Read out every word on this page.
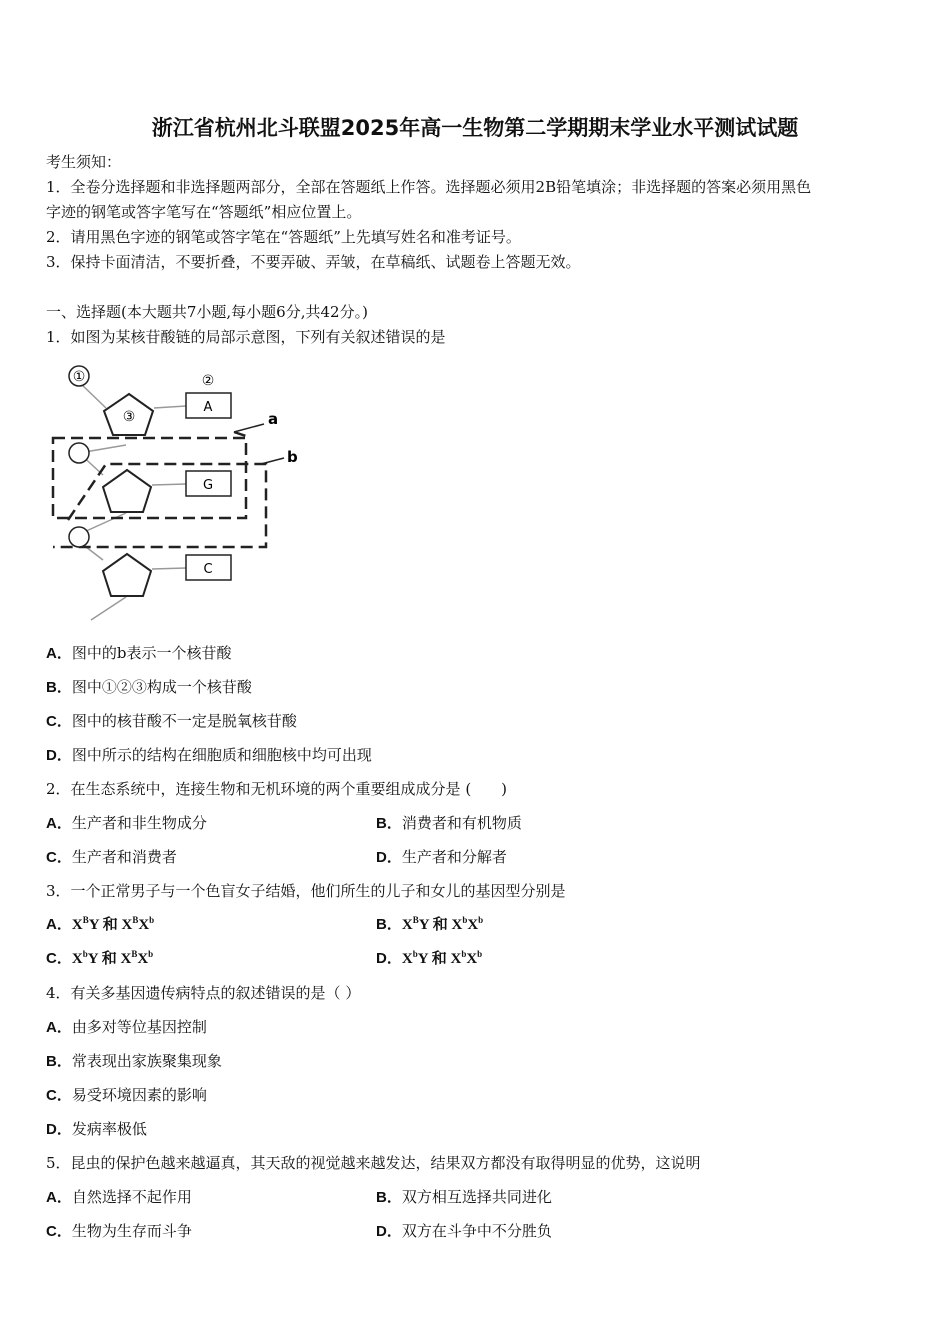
浙江省杭州北斗联盟2025年高一生物第二学期期末学业水平测试试题
考生须知：
1．全卷分选择题和非选择题两部分，全部在答题纸上作答。选择题必须用2B铅笔填涂；非选择题的答案必须用黑色
字迹的钢笔或答字笔写在“答题纸”相应位置上。
2．请用黑色字迹的钢笔或答字笔在“答题纸”上先填写姓名和准考证号。
3．保持卡面清洁，不要折叠，不要弄破、弄皱，在草稿纸、试题卷上答题无效。
一、选择题(本大题共7小题,每小题6分,共42分。)
1．如图为某核苷酸链的局部示意图，下列有关叙述错误的是
①
③
②
A
a
G
b
C
A．图中的b表示一个核苷酸
B．图中①②③构成一个核苷酸
C．图中的核苷酸不一定是脱氧核苷酸
D．图中所示的结构在细胞质和细胞核中均可出现
2．在生态系统中，连接生物和无机环境的两个重要组成成分是 (　　)
A．生产者和非生物成分	B．消费者和有机物质
C．生产者和消费者	D．生产者和分解者
3．一个正常男子与一个色盲女子结婚，他们所生的儿子和女儿的基因型分别是
A．$X^BY$ 和 $X^BX^b$	B．$X^BY$ 和 $X^bX^b$
C．$X^bY$ 和 $X^BX^b$	D．$X^bY$ 和 $X^bX^b$
4．有关多基因遗传病特点的叙述错误的是（ ）
A．由多对等位基因控制
B．常表现出家族聚集现象
C．易受环境因素的影响
D．发病率极低
5．昆虫的保护色越来越逼真，其天敌的视觉越来越发达，结果双方都没有取得明显的优势，这说明
A．自然选择不起作用	B．双方相互选择共同进化
C．生物为生存而斗争	D．双方在斗争中不分胜负
